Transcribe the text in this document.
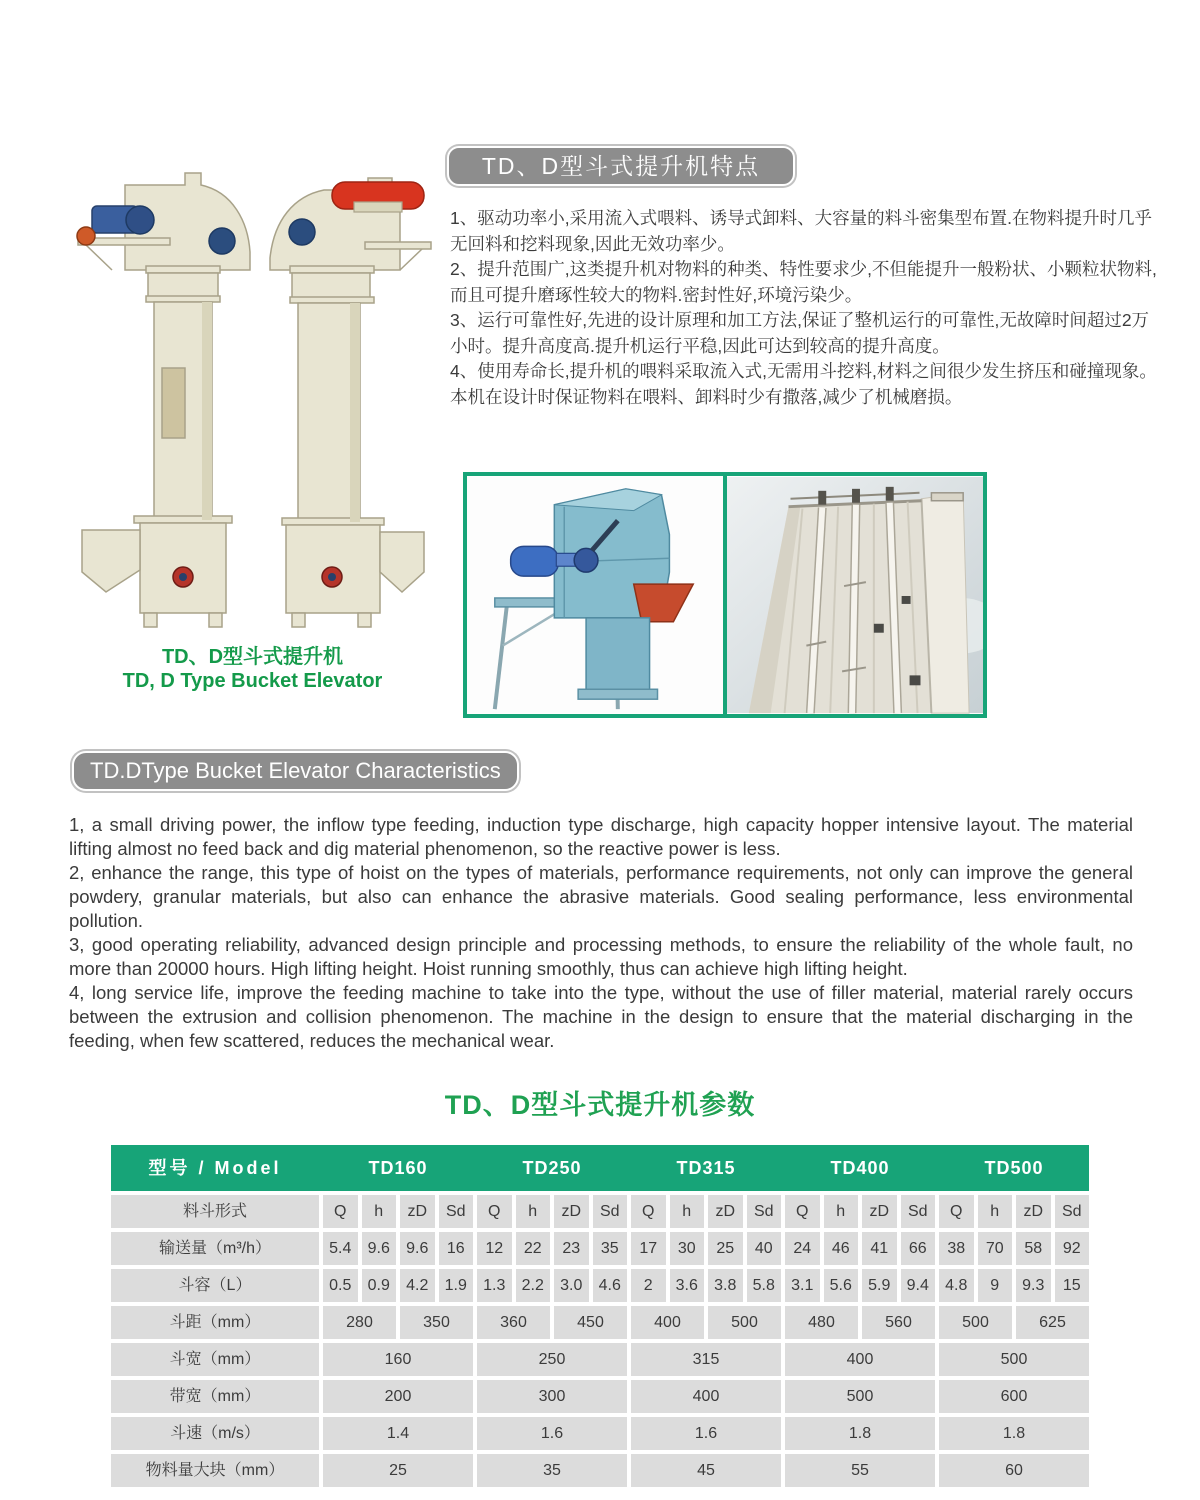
TD、D型斗式提升机
TD, D Type Bucket Elevator
TD、D型斗式提升机特点

1、驱动功率小,采用流入式喂料、诱导式卸料、大容量的料斗密集型布置.在物料提升时几乎无回料和挖料现象,因此无效功率少。

2、提升范围广,这类提升机对物料的种类、特性要求少,不但能提升一般粉状、小颗粒状物料,而且可提升磨琢性较大的物料.密封性好,环境污染少。

3、运行可靠性好,先进的设计原理和加工方法,保证了整机运行的可靠性,无故障时间超过2万小时。提升高度高.提升机运行平稳,因此可达到较高的提升高度。

4、使用寿命长,提升机的喂料采取流入式,无需用斗挖料,材料之间很少发生挤压和碰撞现象。本机在设计时保证物料在喂料、卸料时少有撒落,减少了机械磨损。

TD.DType Bucket Elevator Characteristics

1, a small driving power, the inflow type feeding, induction type discharge, high capacity hopper intensive layout. The material lifting almost no feed back and dig material phenomenon, so the reactive power is less.

2, enhance the range, this type of hoist on the types of materials, performance requirements, not only can improve the general powdery, granular materials, but also can enhance the abrasive materials. Good sealing performance, less environmental pollution.

3, good operating reliability, advanced design principle and processing methods, to ensure the reliability of the whole fault, no more than 20000 hours. High lifting height. Hoist running smoothly, thus can achieve high lifting height.

4, long service life, improve the feeding machine to take into the type, without the use of filler material, material rarely occurs between the extrusion and collision phenomenon. The machine in the design to ensure that the material discharging in the feeding, when few scattered, reduces the mechanical wear.

TD、D型斗式提升机参数
型号 / Model	TD160	TD250	TD315	TD400	TD500
料斗形式	Q	h	zD	Sd	Q	h	zD	Sd	Q	h	zD	Sd	Q	h	zD	Sd	Q	h	zD	Sd
输送量（m³/h）	5.4	9.6	9.6	16	12	22	23	35	17	30	25	40	24	46	41	66	38	70	58	92
斗容（L）	0.5	0.9	4.2	1.9	1.3	2.2	3.0	4.6	2	3.6	3.8	5.8	3.1	5.6	5.9	9.4	4.8	9	9.3	15
斗距（mm）	280	350	360	450	400	500	480	560	500	625
斗宽（mm）	160	250	315	400	500
带宽（mm）	200	300	400	500	600
斗速（m/s）	1.4	1.6	1.6	1.8	1.8
物料量大块（mm）	25	35	45	55	60
